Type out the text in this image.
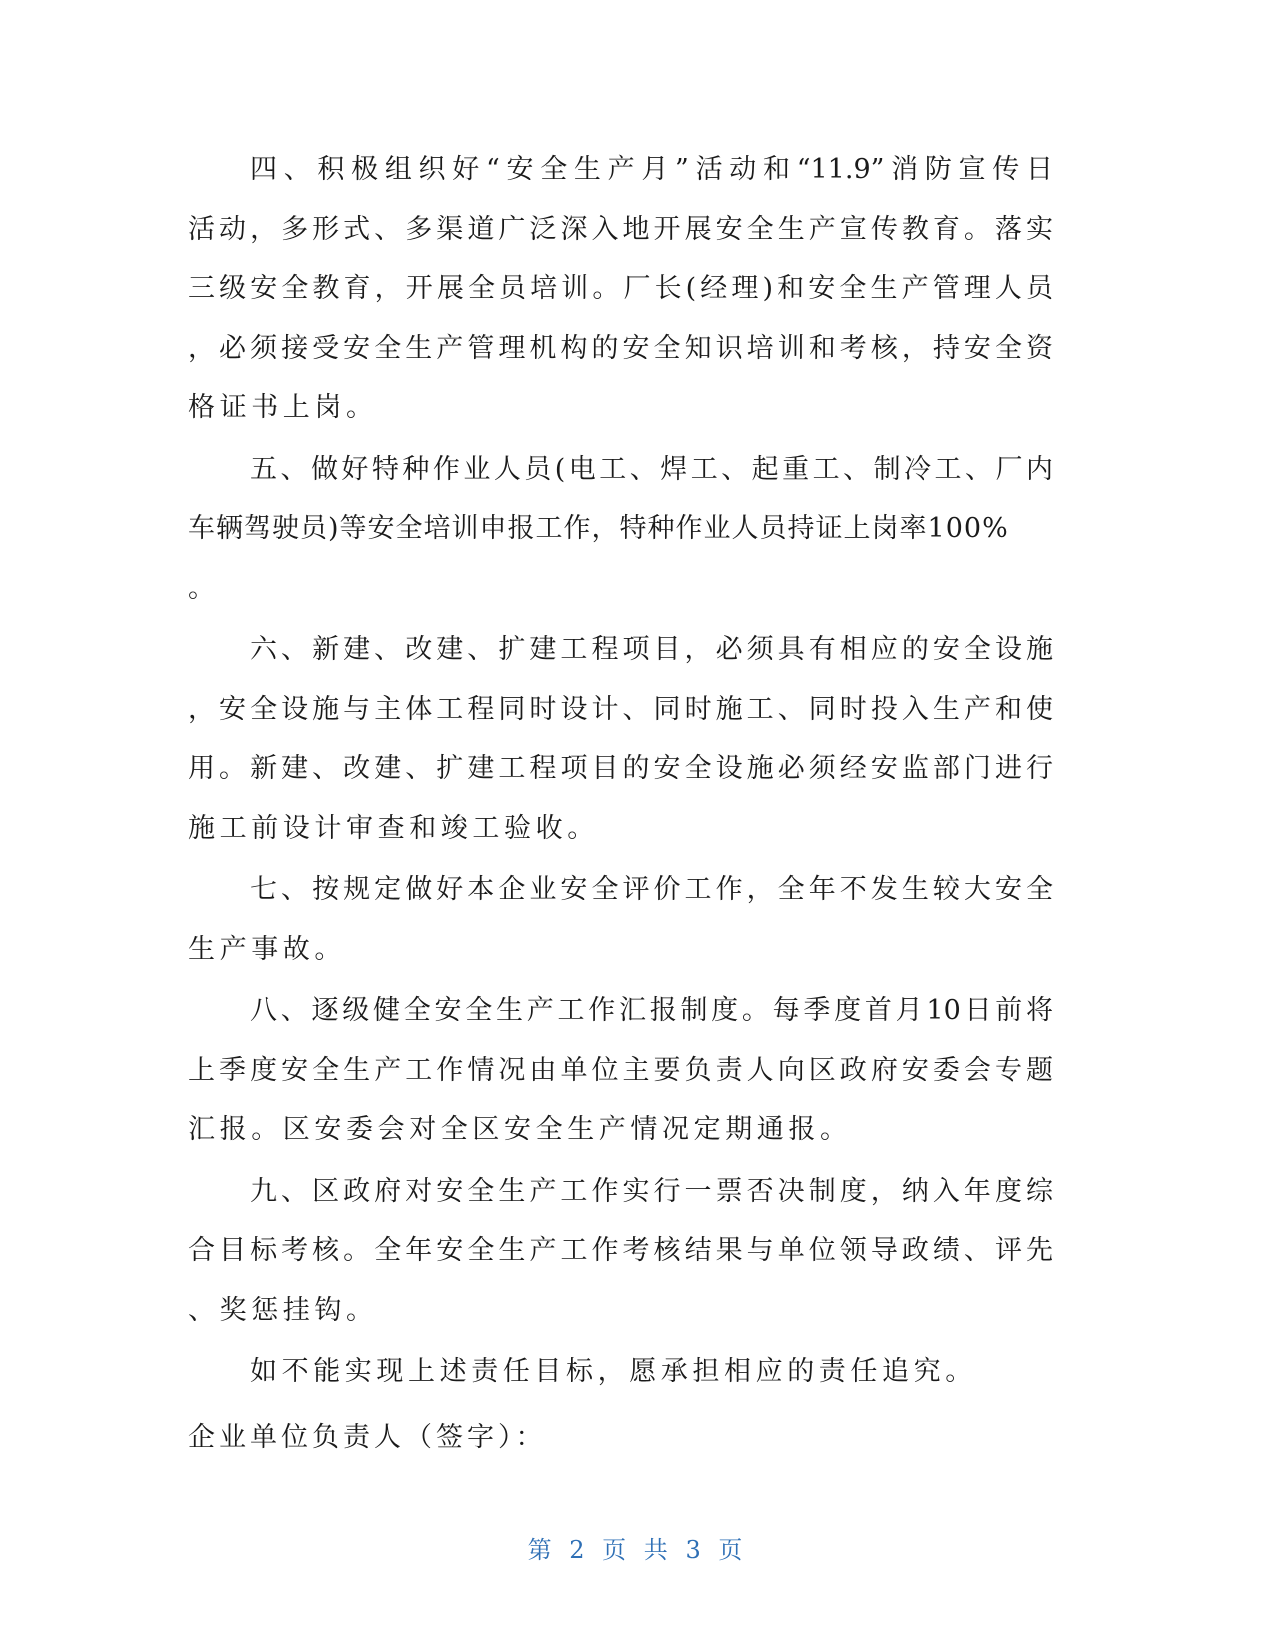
四、积极组织好“安全生产月”活动和“11.9”消防宣传日
活动，多形式、多渠道广泛深入地开展安全生产宣传教育。落实
三级安全教育，开展全员培训。厂长(经理)和安全生产管理人员
，必须接受安全生产管理机构的安全知识培训和考核，持安全资
格证书上岗。
五、做好特种作业人员(电工、焊工、起重工、制冷工、厂内
车辆驾驶员)等安全培训申报工作，特种作业人员持证上岗率100%
。
六、新建、改建、扩建工程项目，必须具有相应的安全设施
，安全设施与主体工程同时设计、同时施工、同时投入生产和使
用。新建、改建、扩建工程项目的安全设施必须经安监部门进行
施工前设计审查和竣工验收。
七、按规定做好本企业安全评价工作，全年不发生较大安全
生产事故。
八、逐级健全安全生产工作汇报制度。每季度首月10日前将
上季度安全生产工作情况由单位主要负责人向区政府安委会专题
汇报。区安委会对全区安全生产情况定期通报。
九、区政府对安全生产工作实行一票否决制度，纳入年度综
合目标考核。全年安全生产工作考核结果与单位领导政绩、评先
、奖惩挂钩。
如不能实现上述责任目标，愿承担相应的责任追究。
企业单位负责人（签字）：
第 2 页 共 3 页
